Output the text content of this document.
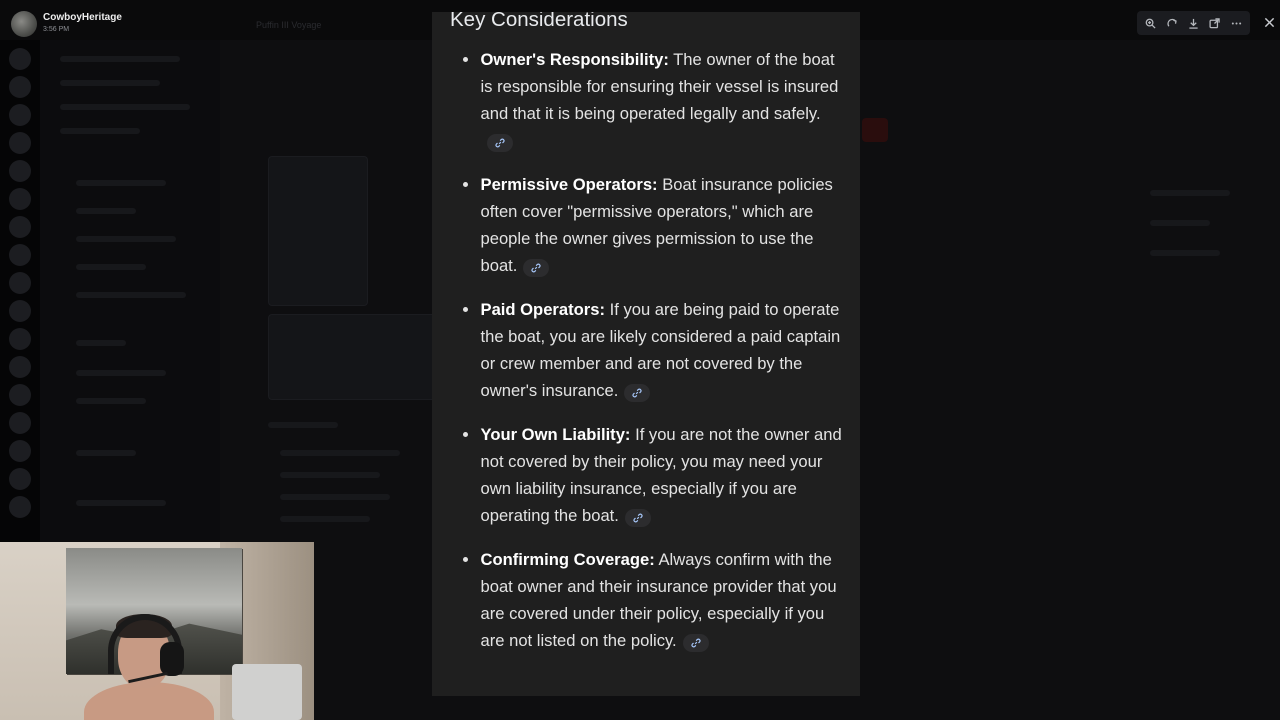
CowboyHeritage
3:56 PM	Puffin III Voyage	Key Considerations
Owner's Responsibility: The owner of the boat is responsible for ensuring their vessel is insured and that it is being operated legally and safely.
Permissive Operators: Boat insurance policies often cover "permissive operators," which are people the owner gives permission to use the boat.
Paid Operators: If you are being paid to operate the boat, you are likely considered a paid captain or crew member and are not covered by the owner's insurance.
Your Own Liability: If you are not the owner and not covered by their policy, you may need your own liability insurance, especially if you are operating the boat.
Confirming Coverage: Always confirm with the boat owner and their insurance provider that you are covered under their policy, especially if you are not listed on the policy.
